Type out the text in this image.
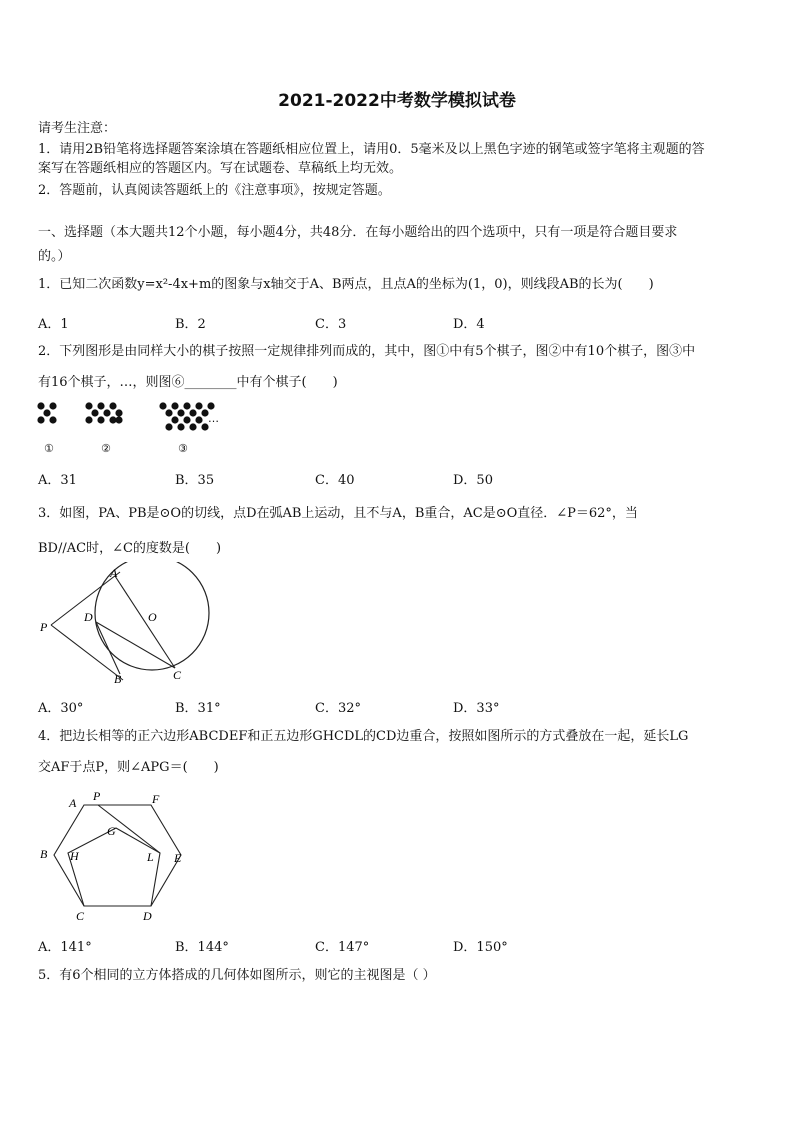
2021-2022中考数学模拟试卷
请考生注意：
1．请用2B铅笔将选择题答案涂填在答题纸相应位置上，请用0．5毫米及以上黑色字迹的钢笔或签字笔将主观题的答
案写在答题纸相应的答题区内。写在试题卷、草稿纸上均无效。
2．答题前，认真阅读答题纸上的《注意事项》，按规定答题。
一、选择题（本大题共12个小题，每小题4分，共48分．在每小题给出的四个选项中，只有一项是符合题目要求
的。）
1．已知二次函数y=x²-4x+m的图象与x轴交于A、B两点，且点A的坐标为(1，0)，则线段AB的长为(　　)
A．1	B．2	C．3	D．4
2．下列图形是由同样大小的棋子按照一定规律排列而成的，其中，图①中有5个棋子，图②中有10个棋子，图③中
有16个棋子，…，则图⑥________中有个棋子(　　)
…
①	②	③
A．31	B．35	C．40	D．50
3．如图，PA、PB是⊙O的切线，点D在弧AB上运动，且不与A，B重合，AC是⊙O直径．∠P＝62°，当
BD//AC时，∠C的度数是(　　)
A
P
D	O
B	C
A．30°	B．31°	C．32°	D．33°
4．把边长相等的正六边形ABCDEF和正五边形GHCDL的CD边重合，按照如图所示的方式叠放在一起，延长LG
交AF于点P，则∠APG＝(　　)
A P	F
G
B H	L E
C	D
A．141°	B．144°	C．147°	D．150°
5．有6个相同的立方体搭成的几何体如图所示，则它的主视图是（ ）
